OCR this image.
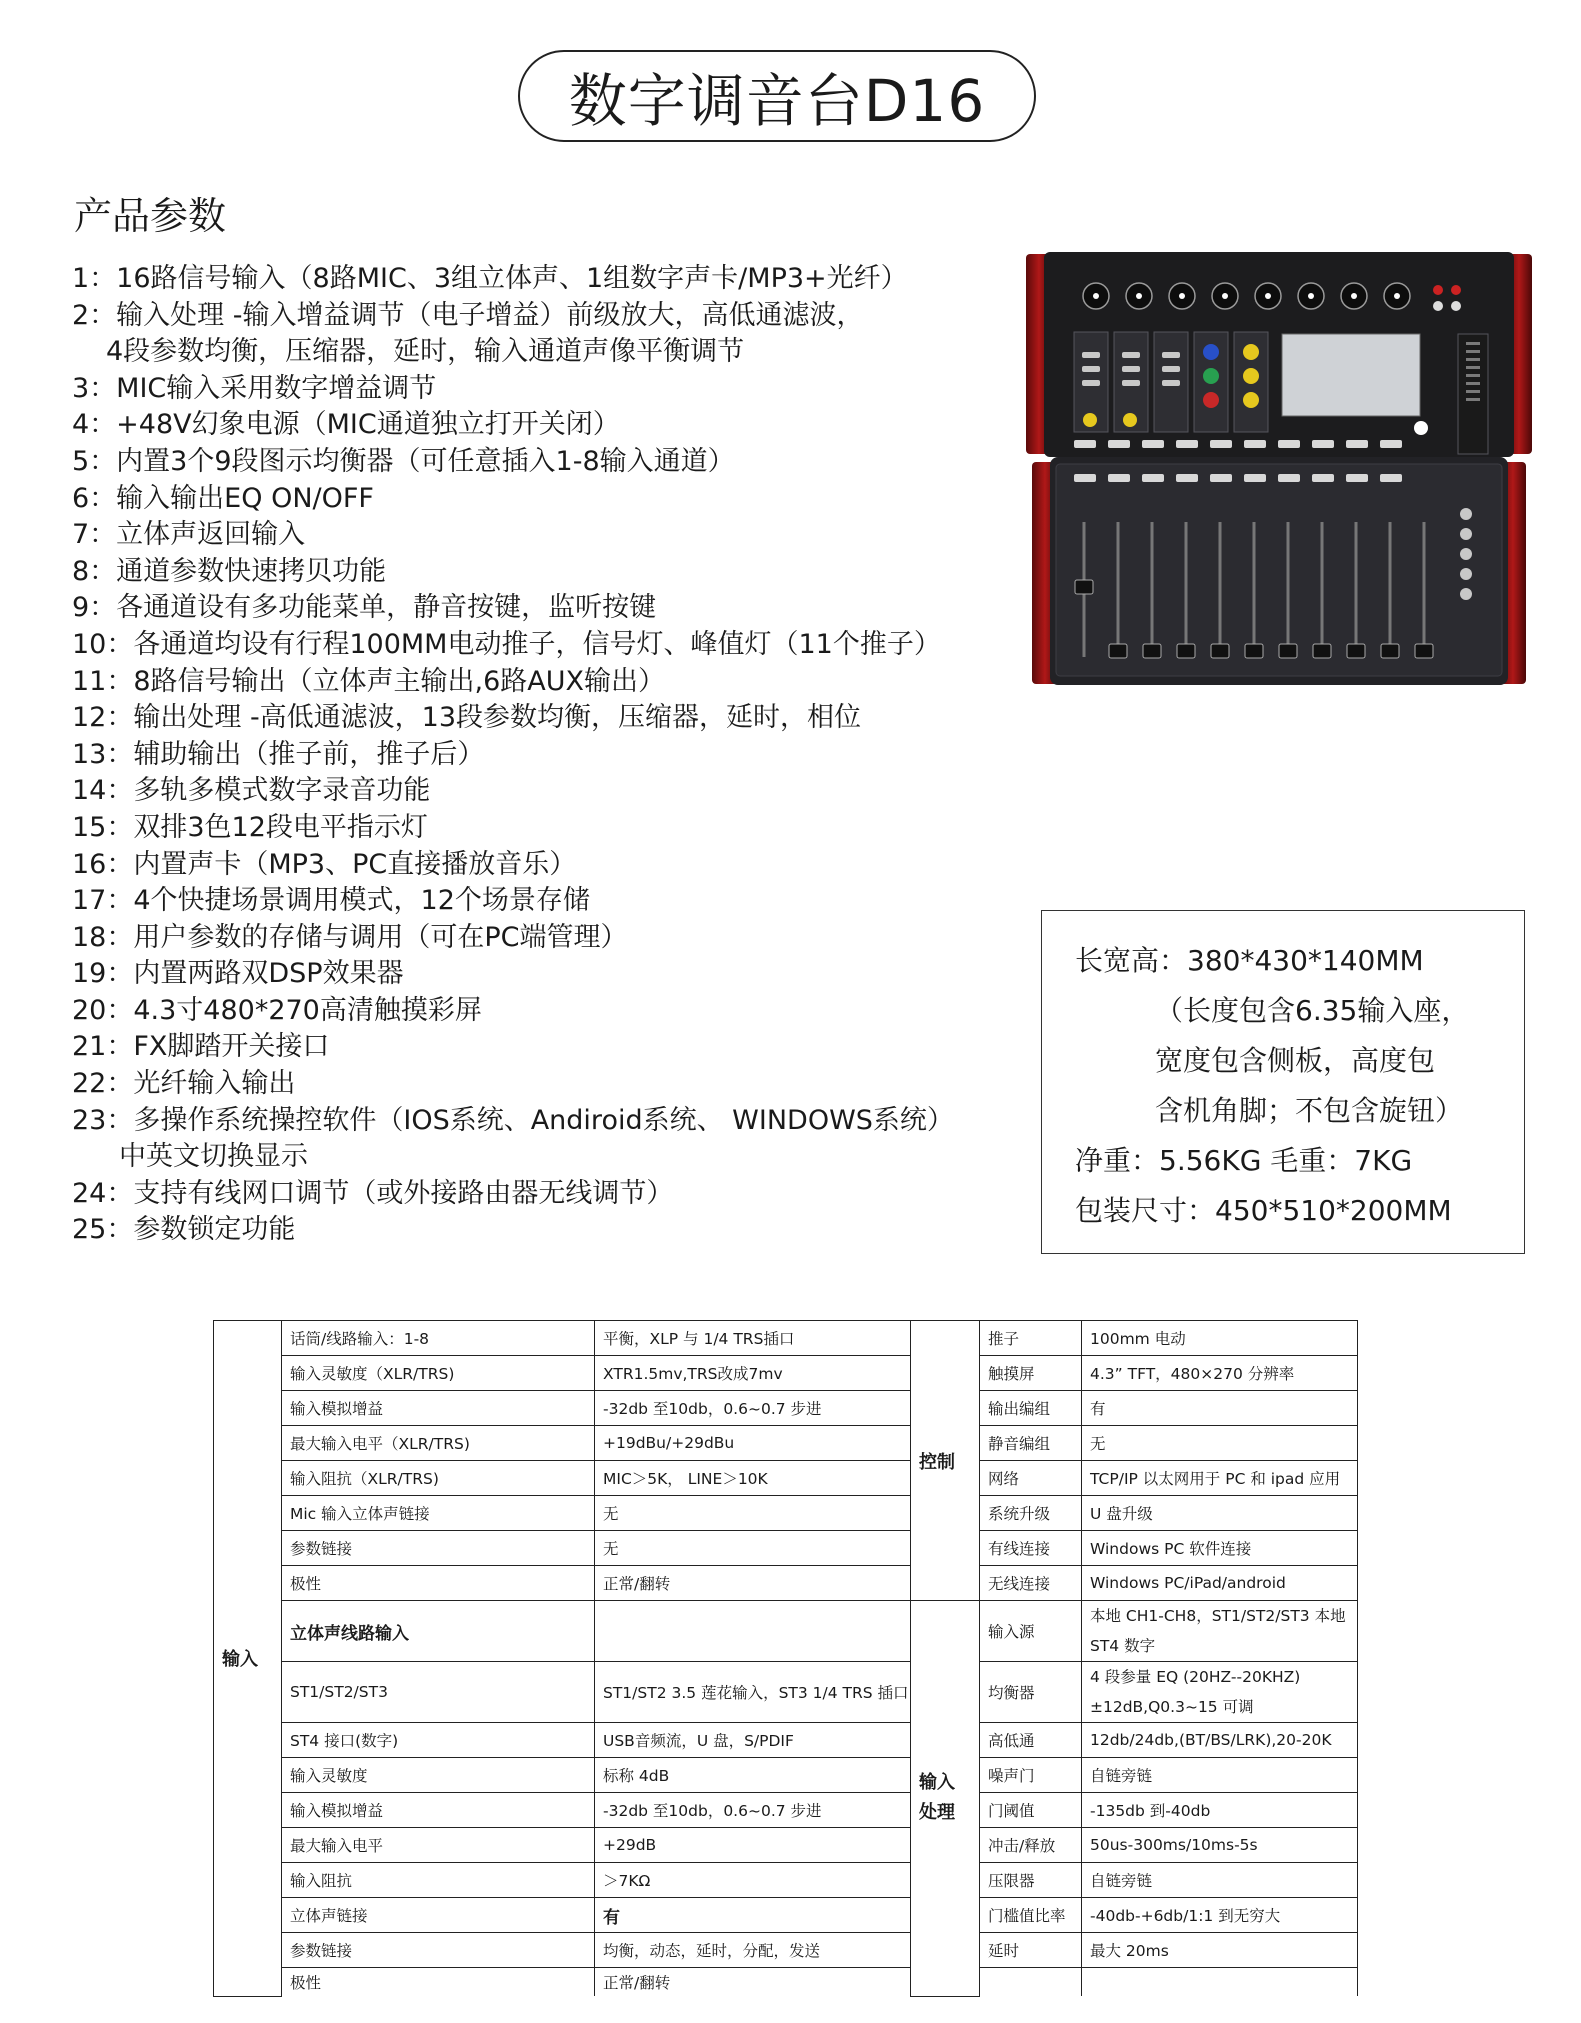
数字调音台D16
产品参数
1：16路信号输入（8路MIC、3组立体声、1组数字声卡/MP3+光纤）
2：输入处理 -输入增益调节（电子增益）前级放大，高低通滤波，
4段参数均衡，压缩器，延时，输入通道声像平衡调节
3：MIC输入采用数字增益调节
4：+48V幻象电源（MIC通道独立打开关闭）
5：内置3个9段图示均衡器（可任意插入1-8输入通道）
6：输入输出EQ ON/OFF
7：立体声返回输入
8：通道参数快速拷贝功能
9：各通道设有多功能菜单，静音按键，监听按键
10：各通道均设有行程100MM电动推子，信号灯、峰值灯（11个推子）
11：8路信号输出（立体声主输出,6路AUX输出）
12：输出处理 -高低通滤波，13段参数均衡，压缩器，延时，相位
13：辅助输出（推子前，推子后）
14：多轨多模式数字录音功能
15：双排3色12段电平指示灯
16：内置声卡（MP3、PC直接播放音乐）
17：4个快捷场景调用模式，12个场景存储
18：用户参数的存储与调用（可在PC端管理）
19：内置两路双DSP效果器
20：4.3寸480*270高清触摸彩屏
21：FX脚踏开关接口
22：光纤输入输出
23：多操作系统操控软件（IOS系统、Andiroid系统、 WINDOWS系统）
中英文切换显示
24：支持有线网口调节（或外接路由器无线调节）
25：参数锁定功能
长宽高：380*430*140MM
（长度包含6.35输入座，
宽度包含侧板，高度包
含机角脚；不包含旋钮）
净重：5.56KG 毛重：7KG
包装尺寸：450*510*200MM
输入	话筒/线路输入：1-8	平衡，XLP 与 1/4 TRS插口	控制	推子	100mm 电动
	输入灵敏度（XLR/TRS)	XTR1.5mv,TRS改成7mv		触摸屏	4.3” TFT，480×270 分辨率
	输入模拟增益	-32db 至10db，0.6~0.7 步进		输出编组	有
	最大输入电平（XLR/TRS)	+19dBu/+29dBu		静音编组	无
	输入阻抗（XLR/TRS)	MIC＞5K， LINE＞10K		网络	TCP/IP 以太网用于 PC 和 ipad 应用
	Mic 输入立体声链接	无		系统升级	U 盘升级
	参数链接	无		有线连接	Windows PC 软件连接
	极性	正常/翻转		无线连接	Windows PC/iPad/android
	立体声线路输入		输入处理	输入源	本地 CH1-CH8，ST1/ST2/ST3 本地 ST4 数字
	ST1/ST2/ST3	ST1/ST2 3.5 莲花输入，ST3 1/4 TRS 插口		均衡器	4 段参量 EQ (20HZ--20KHZ)±12dB,Q0.3~15 可调
	ST4 接口(数字)	USB音频流，U 盘，S/PDIF		高低通	12db/24db,(BT/BS/LRK),20-20K
	输入灵敏度	标称 4dB		噪声门	自链旁链
	输入模拟增益	-32db 至10db，0.6~0.7 步进		门阈值	-135db 到-40db
	最大输入电平	+29dB		冲击/释放	50us-300ms/10ms-5s
	输入阻抗	＞7KΩ		压限器	自链旁链
	立体声链接	有		门槛值比率	-40db-+6db/1:1 到无穷大
	参数链接	均衡，动态，延时，分配，发送		延时	最大 20ms
	极性	正常/翻转			
